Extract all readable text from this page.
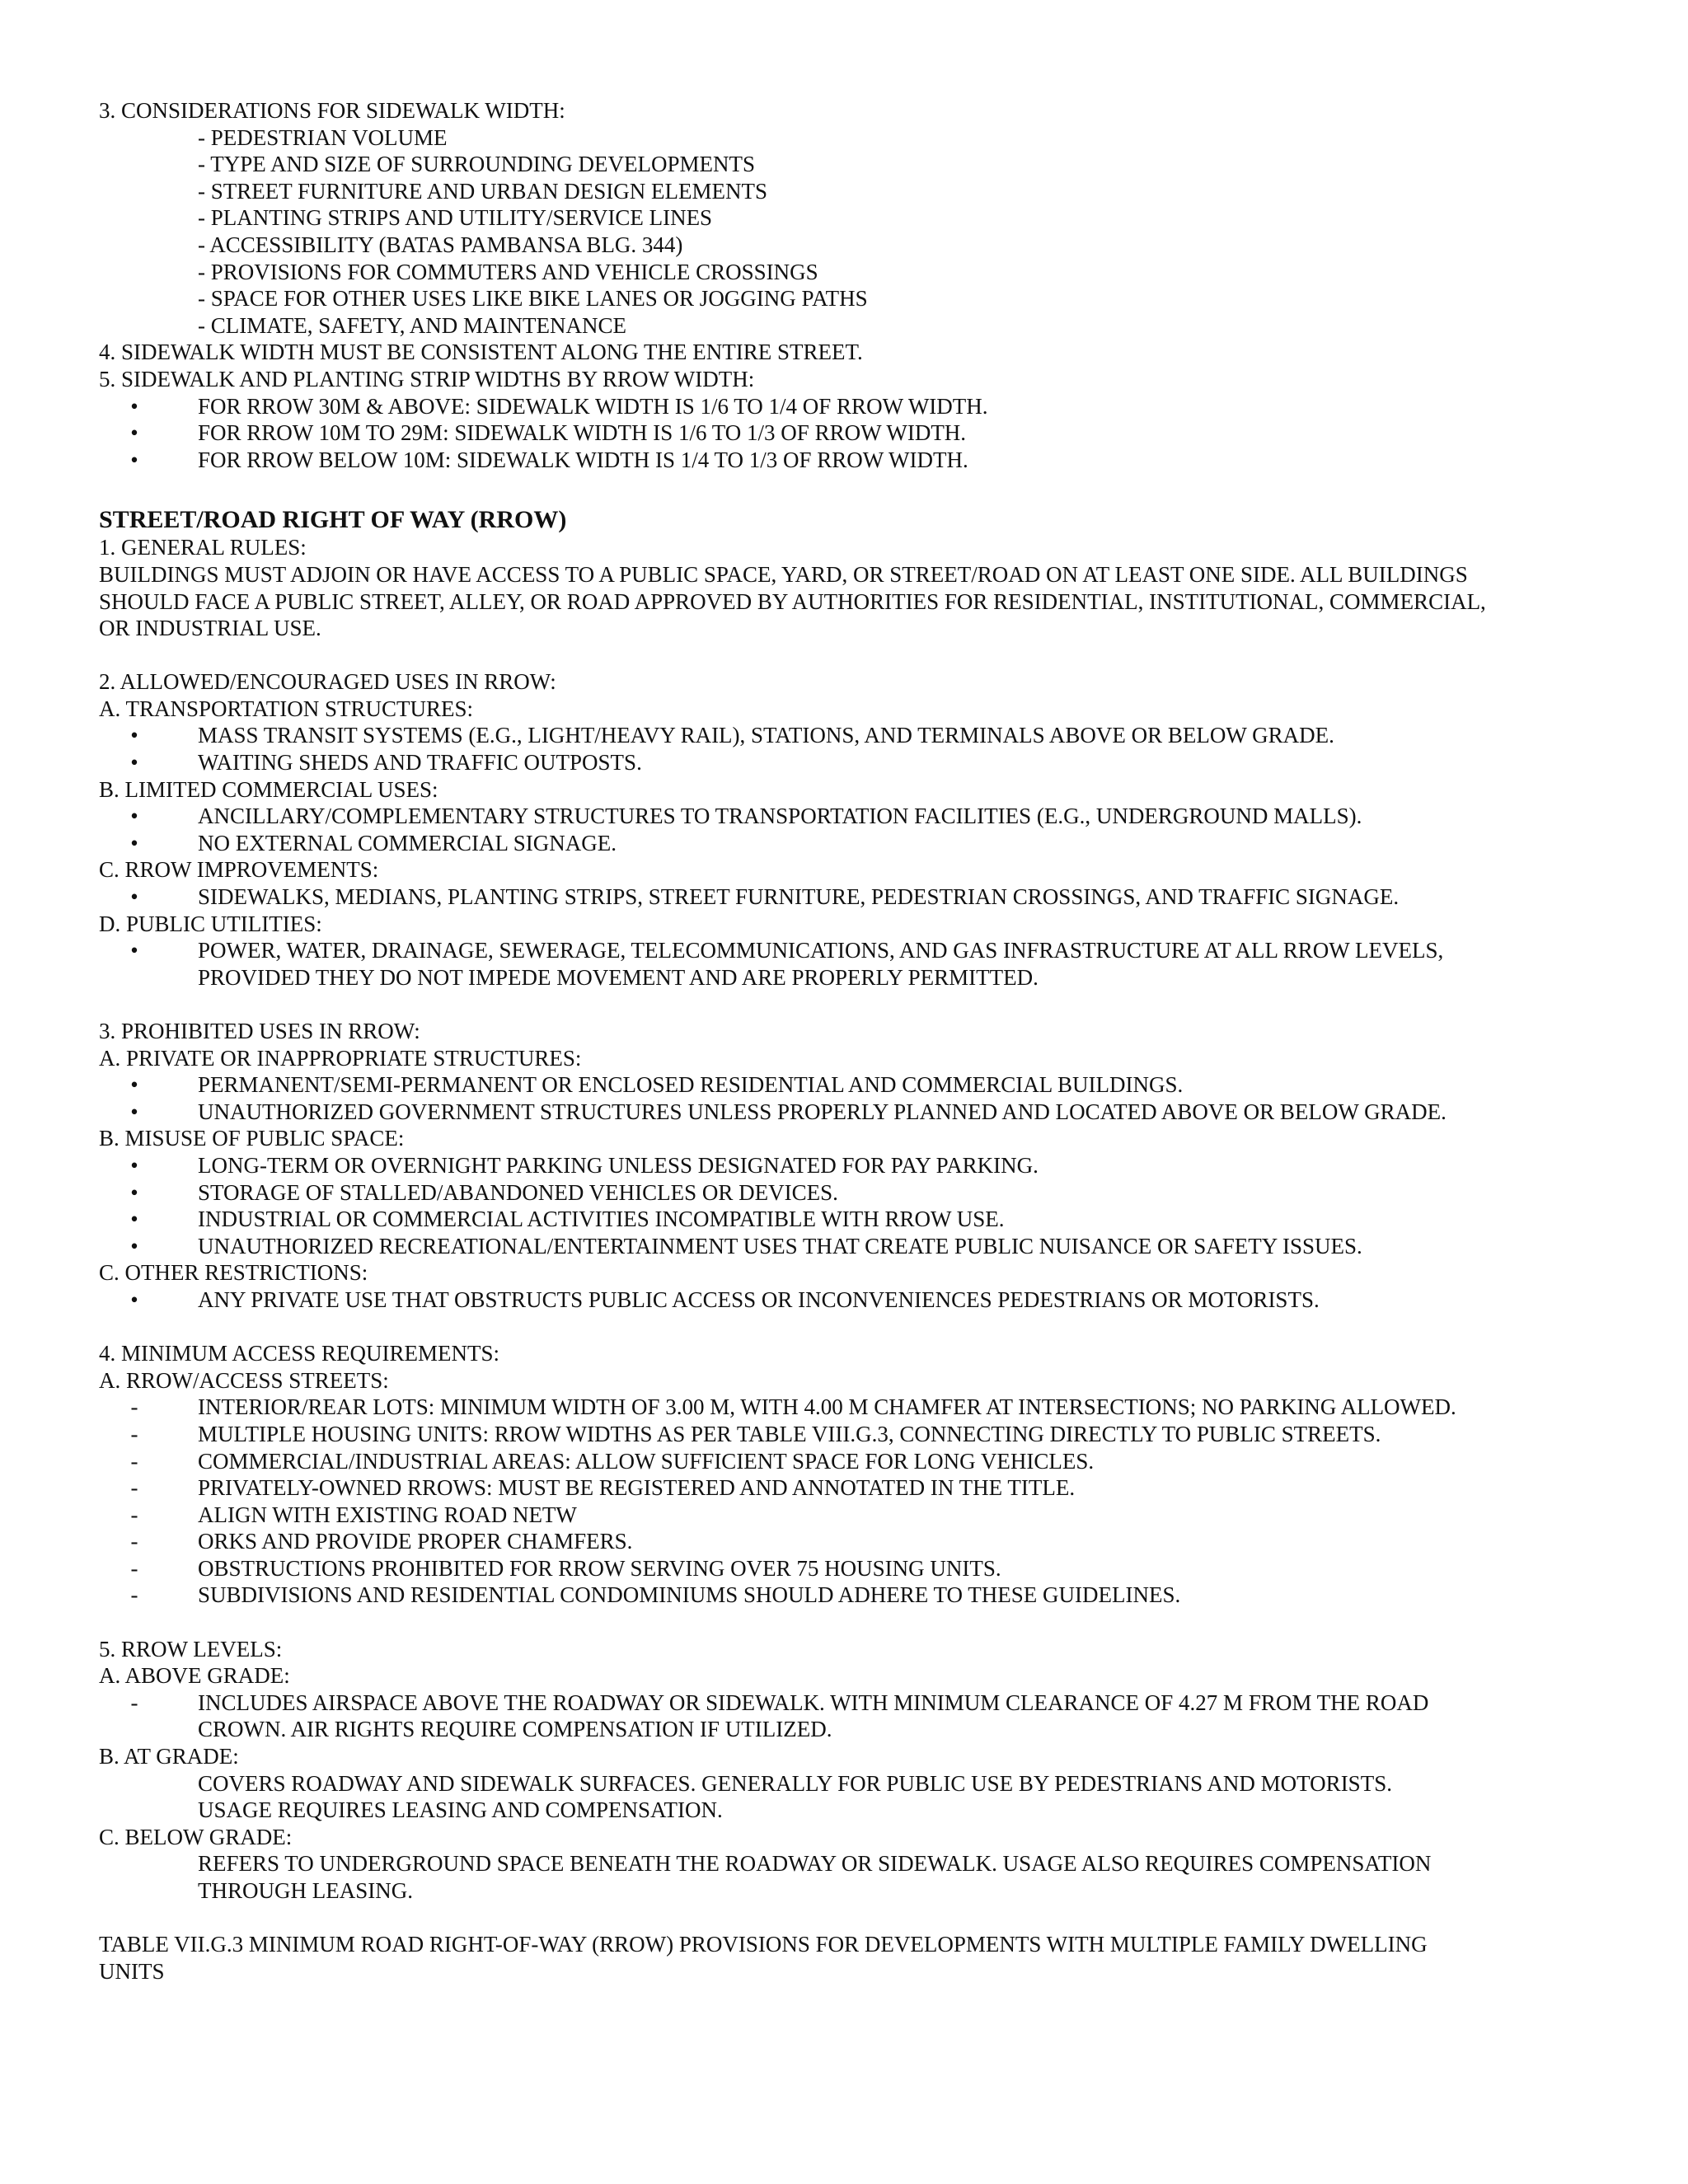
3. CONSIDERATIONS FOR SIDEWALK WIDTH:

- PEDESTRIAN VOLUME

- TYPE AND SIZE OF SURROUNDING DEVELOPMENTS

- STREET FURNITURE AND URBAN DESIGN ELEMENTS

- PLANTING STRIPS AND UTILITY/SERVICE LINES

- ACCESSIBILITY (BATAS PAMBANSA BLG. 344)

- PROVISIONS FOR COMMUTERS AND VEHICLE CROSSINGS

- SPACE FOR OTHER USES LIKE BIKE LANES OR JOGGING PATHS

- CLIMATE, SAFETY, AND MAINTENANCE

4. SIDEWALK WIDTH MUST BE CONSISTENT ALONG THE ENTIRE STREET.

5. SIDEWALK AND PLANTING STRIP WIDTHS BY RROW WIDTH:

•	FOR RROW 30M & ABOVE: SIDEWALK WIDTH IS 1/6 TO 1/4 OF RROW WIDTH.

•	FOR RROW 10M TO 29M: SIDEWALK WIDTH IS 1/6 TO 1/3 OF RROW WIDTH.

•	FOR RROW BELOW 10M: SIDEWALK WIDTH IS 1/4 TO 1/3 OF RROW WIDTH.

STREET/ROAD RIGHT OF WAY (RROW)

1. GENERAL RULES:

BUILDINGS MUST ADJOIN OR HAVE ACCESS TO A PUBLIC SPACE, YARD, OR STREET/ROAD ON AT LEAST ONE SIDE. ALL BUILDINGS

SHOULD FACE A PUBLIC STREET, ALLEY, OR ROAD APPROVED BY AUTHORITIES FOR RESIDENTIAL, INSTITUTIONAL, COMMERCIAL,

OR INDUSTRIAL USE.

2. ALLOWED/ENCOURAGED USES IN RROW:

A. TRANSPORTATION STRUCTURES:

•	MASS TRANSIT SYSTEMS (E.G., LIGHT/HEAVY RAIL), STATIONS, AND TERMINALS ABOVE OR BELOW GRADE.

•	WAITING SHEDS AND TRAFFIC OUTPOSTS.

B. LIMITED COMMERCIAL USES:

•	ANCILLARY/COMPLEMENTARY STRUCTURES TO TRANSPORTATION FACILITIES (E.G., UNDERGROUND MALLS).

•	NO EXTERNAL COMMERCIAL SIGNAGE.

C. RROW IMPROVEMENTS:

•	SIDEWALKS, MEDIANS, PLANTING STRIPS, STREET FURNITURE, PEDESTRIAN CROSSINGS, AND TRAFFIC SIGNAGE.

D. PUBLIC UTILITIES:

•	POWER, WATER, DRAINAGE, SEWERAGE, TELECOMMUNICATIONS, AND GAS INFRASTRUCTURE AT ALL RROW LEVELS,

PROVIDED THEY DO NOT IMPEDE MOVEMENT AND ARE PROPERLY PERMITTED.

3. PROHIBITED USES IN RROW:

A. PRIVATE OR INAPPROPRIATE STRUCTURES:

•	PERMANENT/SEMI-PERMANENT OR ENCLOSED RESIDENTIAL AND COMMERCIAL BUILDINGS.

•	UNAUTHORIZED GOVERNMENT STRUCTURES UNLESS PROPERLY PLANNED AND LOCATED ABOVE OR BELOW GRADE.

B. MISUSE OF PUBLIC SPACE:

•	LONG-TERM OR OVERNIGHT PARKING UNLESS DESIGNATED FOR PAY PARKING.

•	STORAGE OF STALLED/ABANDONED VEHICLES OR DEVICES.

•	INDUSTRIAL OR COMMERCIAL ACTIVITIES INCOMPATIBLE WITH RROW USE.

•	UNAUTHORIZED RECREATIONAL/ENTERTAINMENT USES THAT CREATE PUBLIC NUISANCE OR SAFETY ISSUES.

C. OTHER RESTRICTIONS:

•	ANY PRIVATE USE THAT OBSTRUCTS PUBLIC ACCESS OR INCONVENIENCES PEDESTRIANS OR MOTORISTS.

4. MINIMUM ACCESS REQUIREMENTS:

A. RROW/ACCESS STREETS:

-	INTERIOR/REAR LOTS: MINIMUM WIDTH OF 3.00 M, WITH 4.00 M CHAMFER AT INTERSECTIONS; NO PARKING ALLOWED.

-	MULTIPLE HOUSING UNITS: RROW WIDTHS AS PER TABLE VIII.G.3, CONNECTING DIRECTLY TO PUBLIC STREETS.

-	COMMERCIAL/INDUSTRIAL AREAS: ALLOW SUFFICIENT SPACE FOR LONG VEHICLES.

-	PRIVATELY-OWNED RROWS: MUST BE REGISTERED AND ANNOTATED IN THE TITLE.

-	ALIGN WITH EXISTING ROAD NETW

-	ORKS AND PROVIDE PROPER CHAMFERS.

-	OBSTRUCTIONS PROHIBITED FOR RROW SERVING OVER 75 HOUSING UNITS.

-	SUBDIVISIONS AND RESIDENTIAL CONDOMINIUMS SHOULD ADHERE TO THESE GUIDELINES.

5. RROW LEVELS:

A. ABOVE GRADE:

-	INCLUDES AIRSPACE ABOVE THE ROADWAY OR SIDEWALK. WITH MINIMUM CLEARANCE OF 4.27 M FROM THE ROAD

CROWN. AIR RIGHTS REQUIRE COMPENSATION IF UTILIZED.

B. AT GRADE:

COVERS ROADWAY AND SIDEWALK SURFACES. GENERALLY FOR PUBLIC USE BY PEDESTRIANS AND MOTORISTS.

USAGE REQUIRES LEASING AND COMPENSATION.

C. BELOW GRADE:

REFERS TO UNDERGROUND SPACE BENEATH THE ROADWAY OR SIDEWALK. USAGE ALSO REQUIRES COMPENSATION

THROUGH LEASING.

TABLE VII.G.3 MINIMUM ROAD RIGHT-OF-WAY (RROW) PROVISIONS FOR DEVELOPMENTS WITH MULTIPLE FAMILY DWELLING

UNITS
